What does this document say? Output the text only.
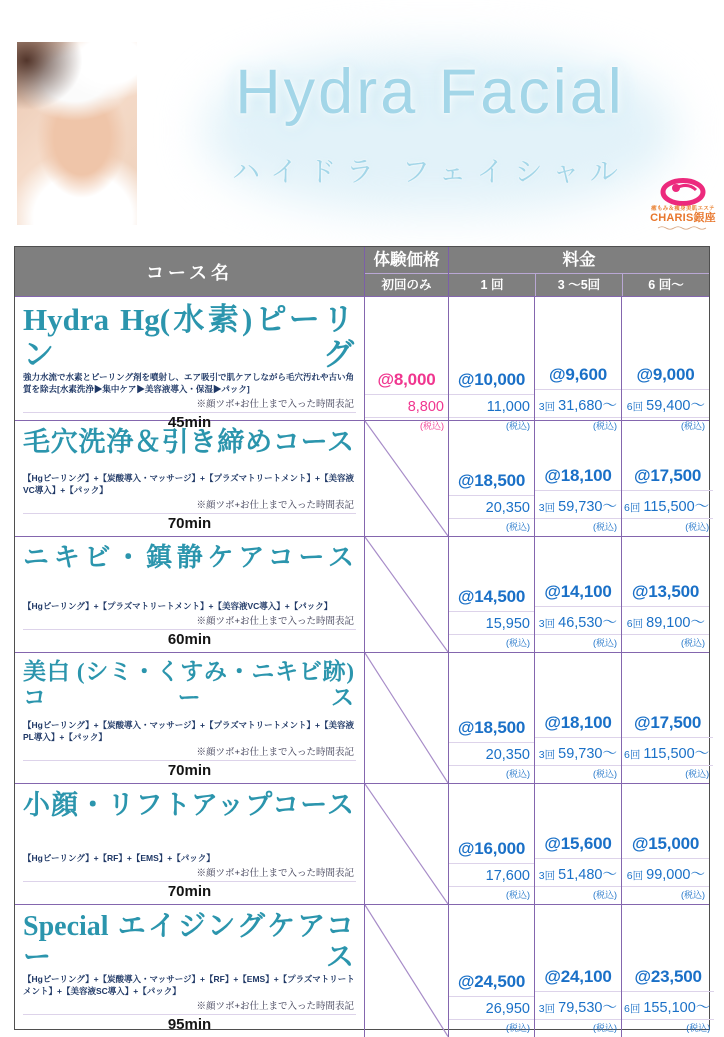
Hydra Facial
ハイドラ フェイシャル
癒もみ＆痩身美肌エステ
CHARIS銀座
コース名
体験価格
初回のみ
料金
1 回	3 ～5回	6 回～
Hydra Hg(水素)ピーリング
強力水流で水素とピーリング剤を噴射し、エア吸引で肌ケアしながら毛穴汚れや古い角質を除去[水素洗浄▶集中ケア▶美容液導入・保湿▶パック]
※顔ツボ+お仕上まで入った時間表記
45min
@8,000
8,800
(税込)
@10,000
11,000
(税込)
@9,600
3回 31,680～
(税込)
@9,000
6回 59,400～
(税込)
毛穴洗浄＆引き締めコース
【Hgピーリング】+【炭酸導入・マッサージ】+【プラズマトリートメント】+【美容液VC導入】+【パック】
※顔ツボ+お仕上まで入った時間表記
70min
@18,500
20,350
(税込)
@18,100
3回 59,730～
(税込)
@17,500
6回 115,500～
(税込)
ニキビ・鎮静ケアコース
【Hgピーリング】+【プラズマトリートメント】+【美容液VC導入】+【パック】
※顔ツボ+お仕上まで入った時間表記
60min
@14,500
15,950
(税込)
@14,100
3回 46,530～
(税込)
@13,500
6回 89,100～
(税込)
美白 (シミ・くすみ・ニキビ跡)コース
【Hgピーリング】+【炭酸導入・マッサージ】+【プラズマトリートメント】+【美容液PL導入】+【パック】
※顔ツボ+お仕上まで入った時間表記
70min
@18,500
20,350
(税込)
@18,100
3回 59,730～
(税込)
@17,500
6回 115,500～
(税込)
小顔・リフトアップコース
【Hgピーリング】+【RF】+【EMS】+【パック】
※顔ツボ+お仕上まで入った時間表記
70min
@16,000
17,600
(税込)
@15,600
3回 51,480～
(税込)
@15,000
6回 99,000～
(税込)
Special エイジングケアコース
【Hgピーリング】+【炭酸導入・マッサージ】+【RF】+【EMS】+【プラズマトリートメント】+【美容液SC導入】+【パック】
※顔ツボ+お仕上まで入った時間表記
95min
@24,500
26,950
(税込)
@24,100
3回 79,530～
(税込)
@23,500
6回 155,100～
(税込)
